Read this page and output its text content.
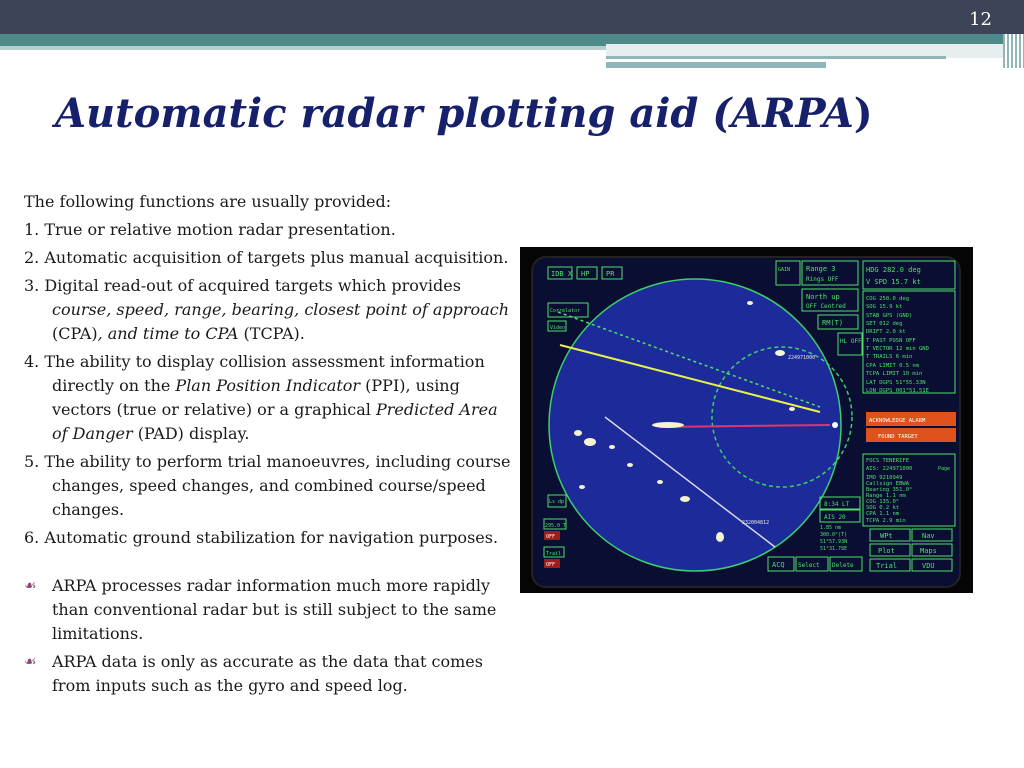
12
Automatic radar plotting aid (ARPA)

The following functions are usually provided:

1. True or relative motion radar presentation.

2. Automatic acquisition of targets plus manual acquisition.

3. Digital read-out of acquired targets which provides course, speed, range, bearing, closest point of approach (CPA), and time to CPA (TCPA).

4. The ability to display collision assessment information directly on the Plan Position Indicator (PPI), using vectors (true or relative) or a graphical Predicted Area of Danger (PAD) display.

5. The ability to perform trial manoeuvres, including course changes, speed changes, and combined course/speed changes.

6. Automatic ground stabilization for navigation purposes.

☙ ARPA processes radar information much more rapidly than conventional radar but is still subject to the same limitations.
☙ ARPA data is only as accurate as the data that comes from inputs such as the gyro and speed log.
224971000
232004812
IDB X HP PR
Correlator
Video
Ls dp
295.0 T
OFF
Trail
OFF
GAIN Range 3
Rings OFF
North up
OFF Centred
RM(T)
HL OFF
HDG 282.0 deg
V SPD 15.7 kt
COG 250.0 deg
SOG 15.9 kt
STAB GPS (GND)
SET 012 deg
DRIFT 2.0 kt
T PAST POSN OFF
T VECTOR 12 min GND
T TRAILS 6 min
CPA LIMIT 0.5 nm
TCPA LIMIT 10 min
LAT DGPS 51°55.33N
LON DGPS 001°51.51E
ACKNOWLEDGE ALARM
FOUND TARGET
FOCS TENERIFE
AIS: 224971000	Page
IMO 9210949
Callsign EBWA
Bearing 351.0°
Range 1.1 nm
COG 135.0°
SOG 0.2 kt
CPA 1.1 nm
TCPA 2.9 min
8:34 LT
AIS 20
1.85 nm
300.0°(T)
51°57.93N
51°31.78E
ACQ Select Delete
WPt	Nav
Plot	Maps
Trial	VDU
